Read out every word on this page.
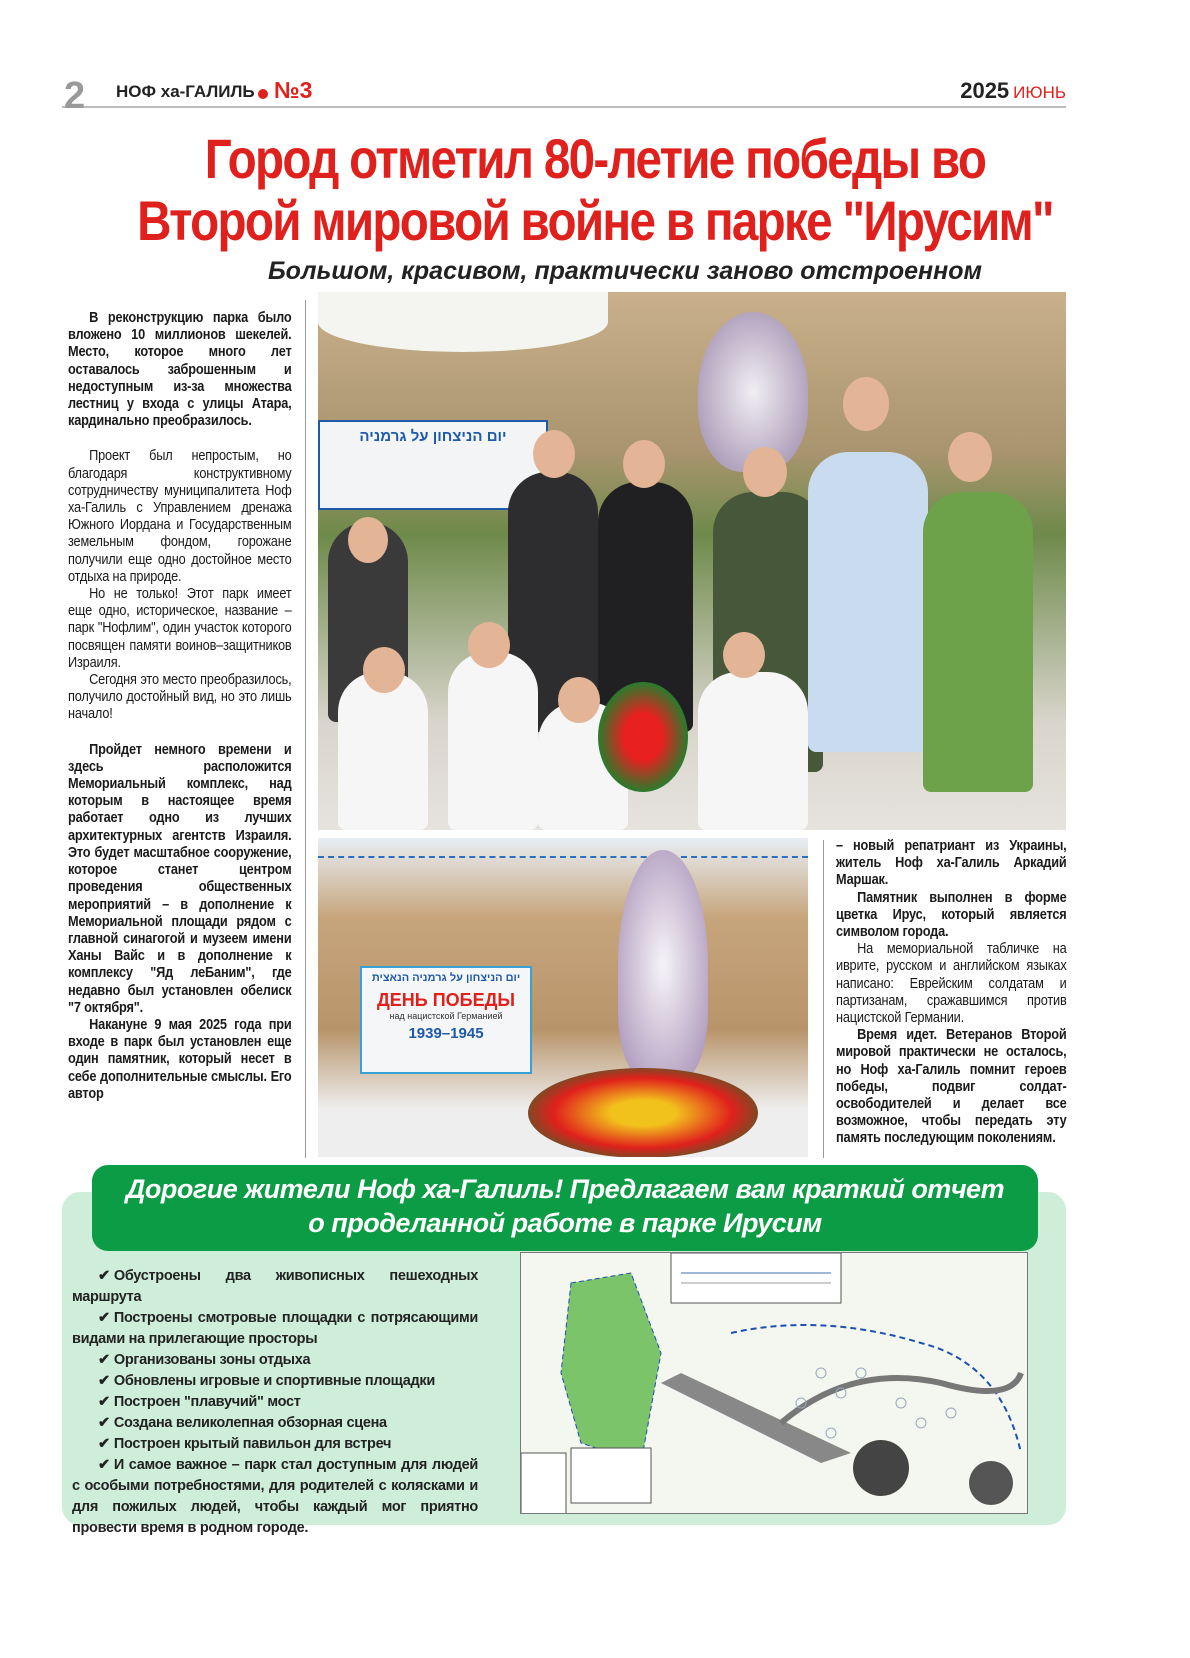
2 НОФ ха-ГАЛИЛЬ №3	2025 ИЮНЬ
Город отметил 80-летие победы во
Второй мировой войне в парке "Ирусим"
Большом, красивом, практически заново отстроенном

В реконструкцию парка было вложено 10 миллионов шекелей. Место, которое много лет оставалось заброшенным и недоступным из-за множества лестниц у входа с улицы Атара, кардинально преобразилось.

Проект был непростым, но благодаря конструктивному сотрудничеству муниципалитета Ноф ха-Галиль с Управлением дренажа Южного Иордана и Государственным земельным фондом, горожане получили еще одно достойное место отдыха на природе.

Но не только! Этот парк имеет еще одно, историческое, название – парк "Нофлим", один участок которого посвящен памяти воинов–защитников Израиля.

Сегодня это место преобразилось, получило достойный вид, но это лишь начало!

Пройдет немного времени и здесь расположится Мемориальный комплекс, над которым в настоящее время работает одно из лучших архитектурных агентств Израиля. Это будет масштабное сооружение, которое станет центром проведения общественных мероприятий – в дополнение к Мемориальной площади рядом с главной синагогой и музеем имени Ханы Вайс и в дополнение к комплексу "Яд леБаним", где недавно был установлен обелиск "7 октября".

Накануне 9 мая 2025 года при входе в парк был установлен еще один памятник, который несет в себе дополнительные смыслы. Его автор

– новый репатриант из Украины, житель Ноф ха-Галиль Аркадий Маршак.

Памятник выполнен в форме цветка Ирус, который является символом города.

На мемориальной табличке на иврите, русском и английском языках написано: Еврейским солдатам и партизанам, сражавшимся против нацистской Германии.

Время идет. Ветеранов Второй мировой практически не осталось, но Ноф ха-Галиль помнит героев победы, подвиг солдат-освободителей и делает все возможное, чтобы передать эту память последующим поколениям.

יום הניצחון על גרמניה
יום הניצחון על גרמניה הנאצית
ДЕНЬ ПОБЕДЫ
над нацистской Германией
1939–1945
Дорогие жители Ноф ха-Галиль! Предлагаем вам краткий отчет
о проделанной работе в парке Ирусим
✔ Обустроены два живописных пешеходных маршрута
✔ Построены смотровые площадки с потрясающими видами на прилегающие просторы
✔ Организованы зоны отдыха
✔ Обновлены игровые и спортивные площадки
✔ Построен "плавучий" мост
✔ Создана великолепная обзорная сцена
✔ Построен крытый павильон для встреч
✔ И самое важное – парк стал доступным для людей с особыми потребностями, для родителей с колясками и для пожилых людей, чтобы каждый мог приятно провести время в родном городе.
